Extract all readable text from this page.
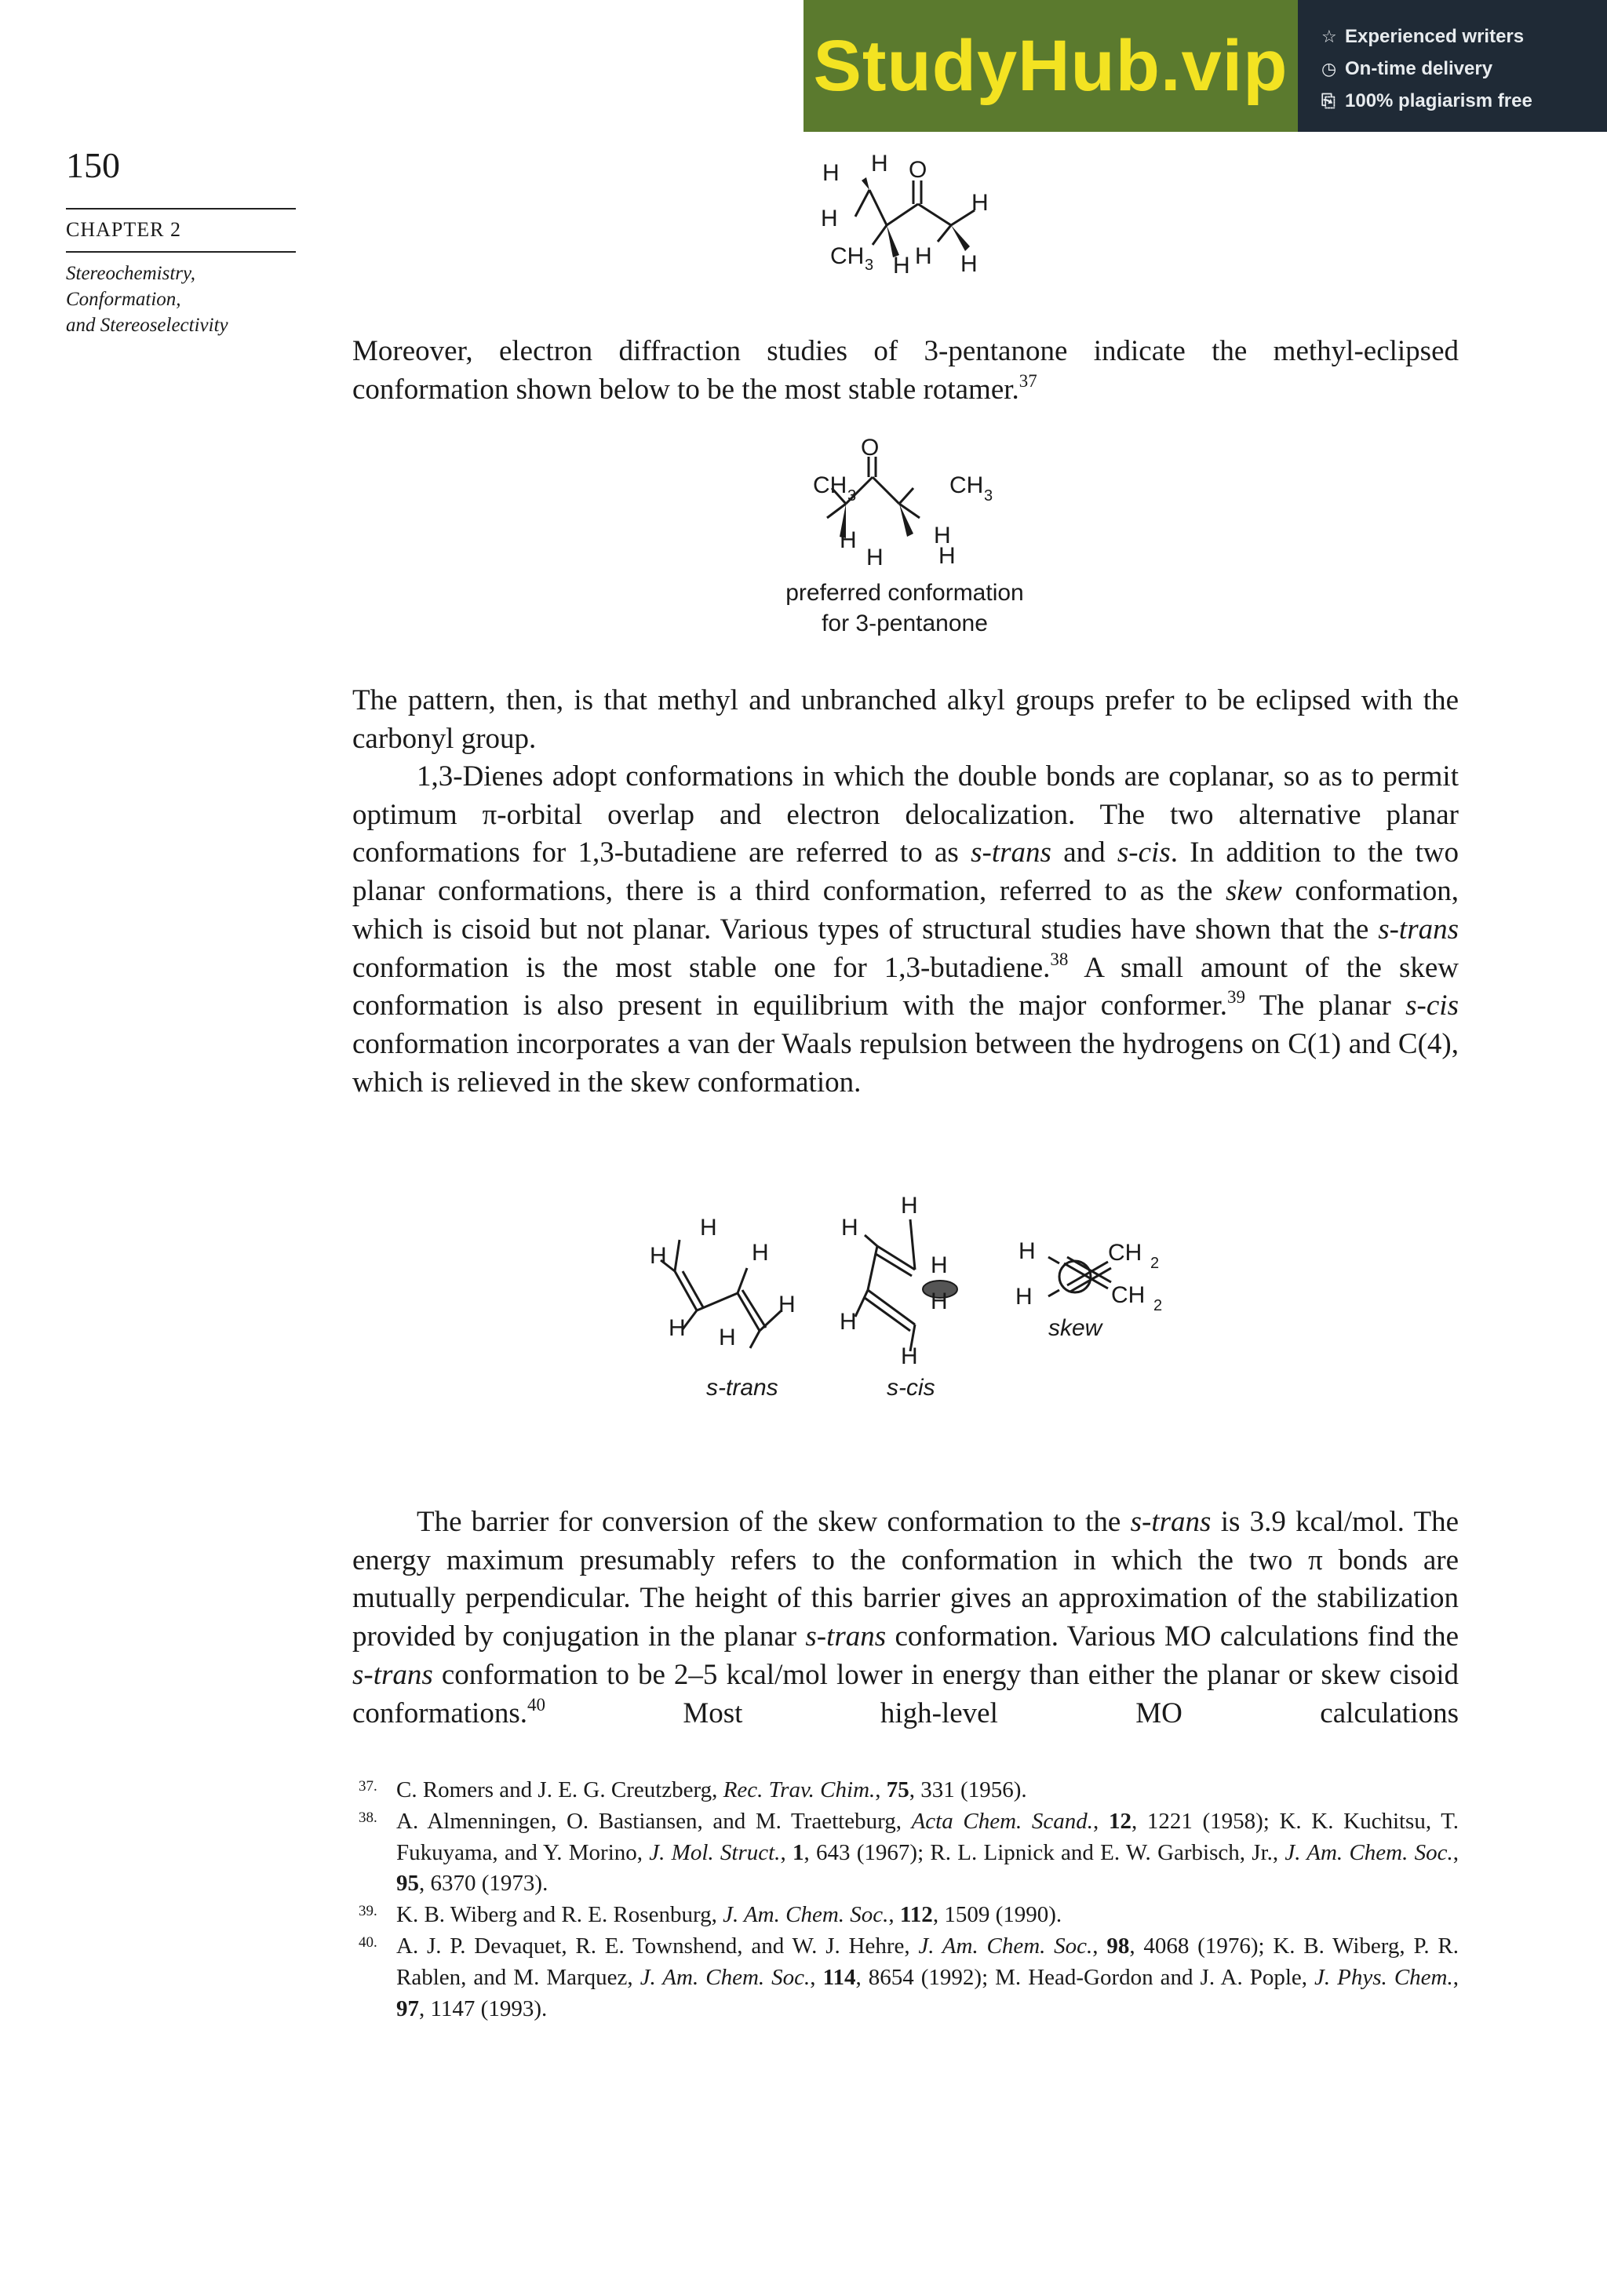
StudyHub.vip	☆ Experienced writers
◷ On-time delivery
⎘ 100% plagiarism free
150
CHAPTER 2
Stereochemistry,
Conformation,
and Stereoselectivity
H H O
H
H
CH 3 H H H
Moreover, electron diffraction studies of 3-pentanone indicate the methyl-eclipsed conformation shown below to be the most stable rotamer.$^{37}$
O
CH 3	CH 3
H
H
H
H
preferred conformation
for 3-pentanone
The pattern, then, is that methyl and unbranched alkyl groups prefer to be eclipsed with the carbonyl group.
1,3-Dienes adopt conformations in which the double bonds are coplanar, so as to permit optimum π-orbital overlap and electron delocalization. The two alternative planar conformations for 1,3-butadiene are referred to as s-trans and s-cis. In addition to the two planar conformations, there is a third conformation, referred to as the skew conformation, which is cisoid but not planar. Various types of structural studies have shown that the s-trans conformation is the most stable one for 1,3-butadiene.$^{38}$ A small amount of the skew conformation is also present in equilibrium with the major conformer.$^{39}$ The planar s-cis conformation incorporates a van der Waals repulsion between the hydrogens on C(1) and C(4), which is relieved in the skew conformation.
H
H
H
H
H H
s-trans
H
H
H
H
H
H
s-cis
H
H
CH 2
CH 2
skew
The barrier for conversion of the skew conformation to the s-trans is 3.9 kcal/mol. The energy maximum presumably refers to the conformation in which the two π bonds are mutually perpendicular. The height of this barrier gives an approximation of the stabilization provided by conjugation in the planar s-trans conformation. Various MO calculations find the s-trans conformation to be 2–5 kcal/mol lower in energy than either the planar or skew cisoid conformations.$^{40}$ Most high-level MO calculations
37. C. Romers and J. E. G. Creutzberg, Rec. Trav. Chim., 75, 331 (1956).
38. A. Almenningen, O. Bastiansen, and M. Traetteburg, Acta Chem. Scand., 12, 1221 (1958); K. K. Kuchitsu, T. Fukuyama, and Y. Morino, J. Mol. Struct., 1, 643 (1967); R. L. Lipnick and E. W. Garbisch, Jr., J. Am. Chem. Soc., 95, 6370 (1973).
39. K. B. Wiberg and R. E. Rosenburg, J. Am. Chem. Soc., 112, 1509 (1990).
40. A. J. P. Devaquet, R. E. Townshend, and W. J. Hehre, J. Am. Chem. Soc., 98, 4068 (1976); K. B. Wiberg, P. R. Rablen, and M. Marquez, J. Am. Chem. Soc., 114, 8654 (1992); M. Head-Gordon and J. A. Pople, J. Phys. Chem., 97, 1147 (1993).
